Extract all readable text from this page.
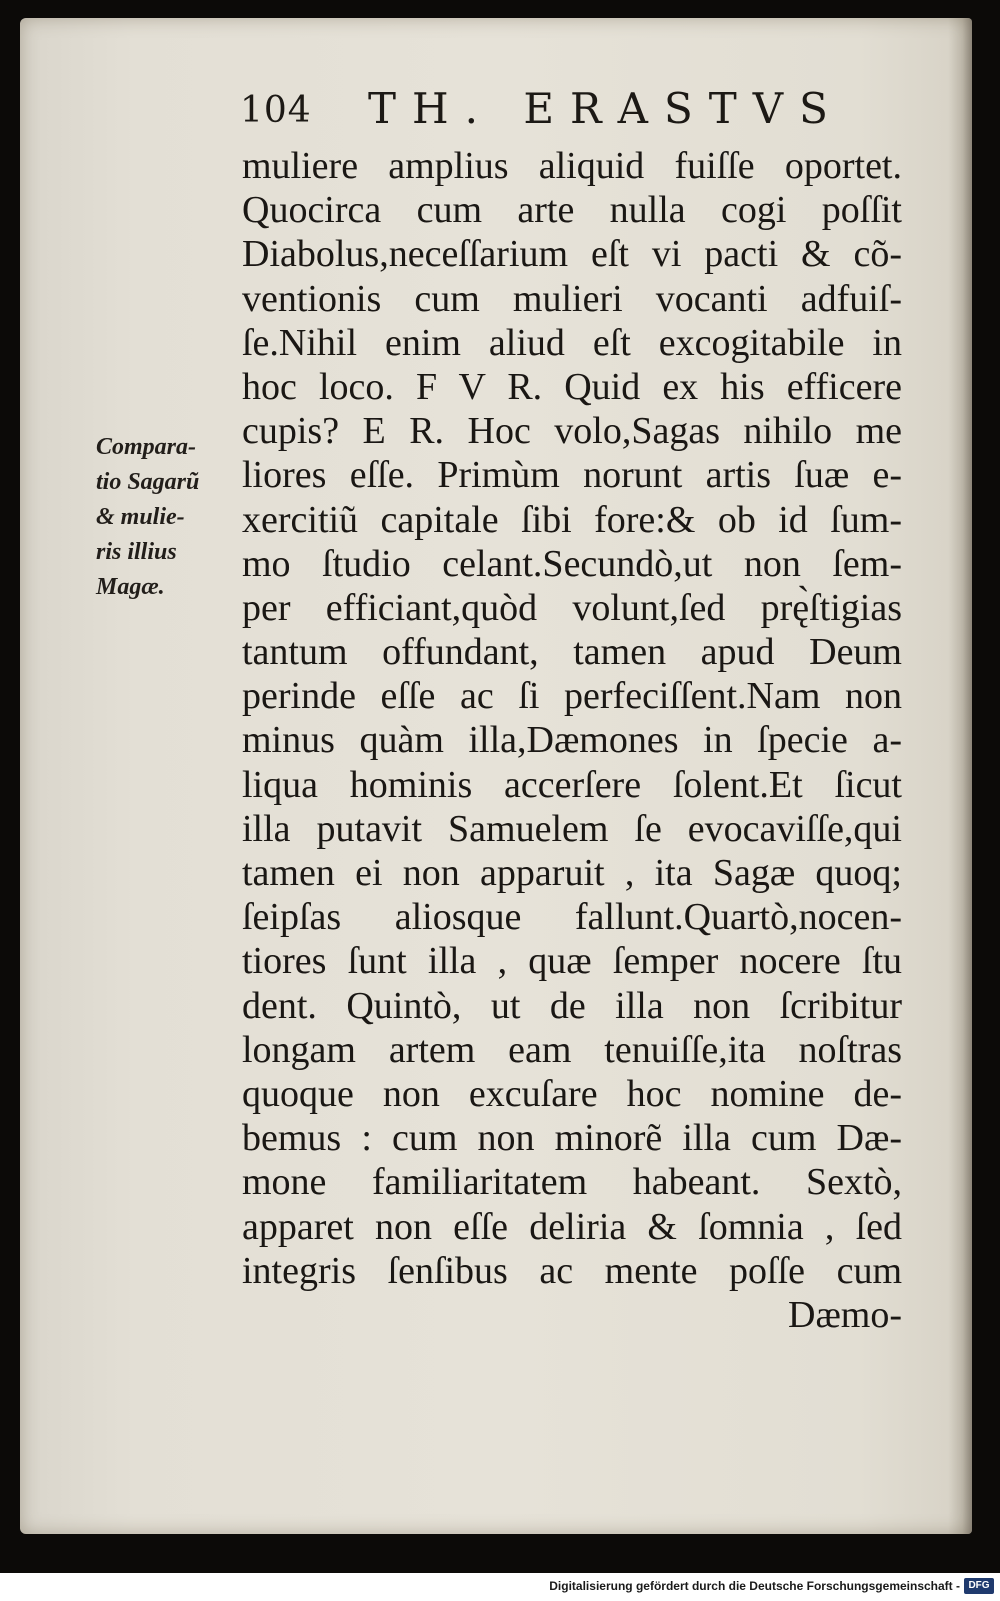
104 TH. ERASTVS
Compara-
tio Sagarũ
& mulie-
ris illius
Magæ.
muliere amplius aliquid fuiſſe oportet.
Quocirca cum arte nulla cogi poſſit
Diabolus,neceſſarium eſt vi pacti & cõ-
ventionis cum mulieri vocanti adfuiſ-
ſe.Nihil enim aliud eſt excogitabile in
hoc loco. F V R. Quid ex his efficere
cupis? E R. Hoc volo,Sagas nihilo me
liores eſſe. Primùm norunt artis ſuæ e-
xercitiũ capitale ſibi fore:& ob id ſum-
mo ſtudio celant.Secundò,ut non ſem-
per efficiant,quòd volunt,ſed prę̀ſtigias
tantum offundant, tamen apud Deum
perinde eſſe ac ſi perfeciſſent.Nam non
minus quàm illa,Dæmones in ſpecie a-
liqua hominis accerſere ſolent.Et ſicut
illa putavit Samuelem ſe evocaviſſe,qui
tamen ei non apparuit , ita Sagæ quoq;
ſeipſas aliosque fallunt.Quartò,nocen-
tiores ſunt illa , quæ ſemper nocere ſtu
dent. Quintò, ut de illa non ſcribitur
longam artem eam tenuiſſe,ita noſtras
quoque non excuſare hoc nomine de-
bemus : cum non minorẽ illa cum Dæ-
mone familiaritatem habeant. Sextò,
apparet non eſſe deliria & ſomnia , ſed
integris ſenſibus ac mente poſſe cum
Dæmo-
Digitalisierung gefördert durch die Deutsche Forschungsgemeinschaft - DFG
